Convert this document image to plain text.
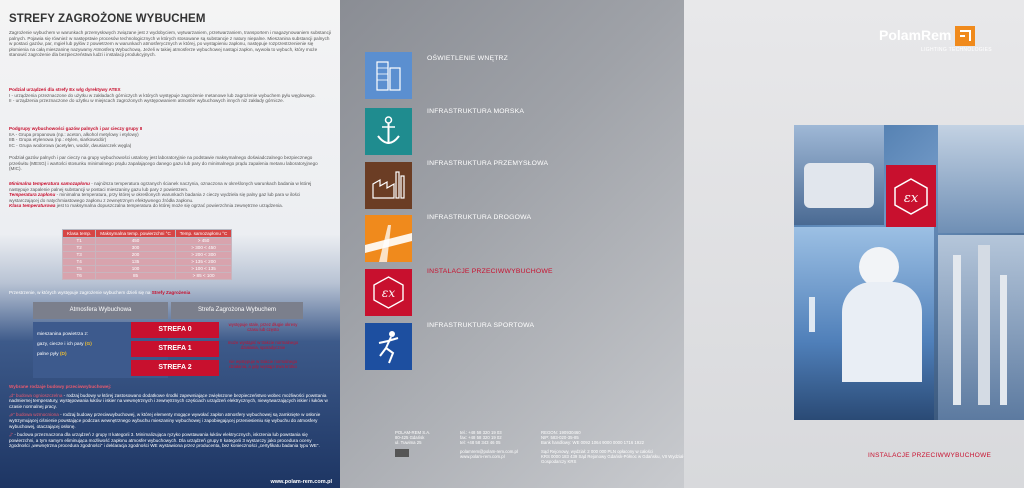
STREFY ZAGROŻONE WYBUCHEM
Zagrożenie wybuchem w warunkach przemysłowych związane jest z wydobyciem, wytwarzaniem, przetwarzaniem, transportem i magazynowaniem substancji palnych. Pojawia się również w następstwie procesów technologicznych w których stosowane są substancje z natury niepalne. Mieszanina substancji palnych w postaci gazów, par, mgieł lub pyłów z powietrzem w warunkach atmosferycznych w której, po wystąpieniu zapłonu, następuje rozprzestrzenienie się płomienia na całą mieszaninę nazywamy Atmosferą Wybuchową. Jeżeli w takiej atmosferze wybuchowej nastąpi zapłon, wywoła to wybuch, który może stanowić zagrożenie dla bezpieczeństwa ludzi i instalacji produkcyjnych.
Podział urządzeń dla strefy Ex w/g dyrektywy ATEX
I - urządzenia przeznaczone do użytku w zakładach górniczych w których występuje zagrożenie metanowe lub zagrożenie wybuchem pyłu węglowego.
II - urządzenia przeznaczone do użytku w miejscach zagrożonych występowaniem atmosfer wybuchowych innych niż zakłady górnicze.
Podgrupy wybuchowości gazów palnych i par cieczy grupy II
IIA - Grupa propanowa (np.: aceton, alkohol metylowy i etylowy)
IIB - Grupa etylenowa (np.: etylen, siarkowodór)
IIC - Grupa wodorowa (acetylen, wodór, dwusiarczek węgla)
Podział gazów palnych i par cieczy na grupy wybuchowości ustalony jest laboratoryjnie na podstawie maksymalnego doświadczalnego bezpiecznego prześwitu (MESG) i wartości stosunku minimalnego prądu zapalającego danego gazu lub pary do minimalnego prądu zapalenia metanu laboratoryjnego (MIC).
Minimalna temperatura samozapłonu - najniższa temperatura ogrzanych ścianek naczynia, oznaczona w określonych warunkach badania w której następuje zapalenie palnej substancji w postaci mieszaniny gazu lub pary z powietrzem.
Temperatura zapłonu - minimalna temperatura, przy której w określonych warunkach badania z cieczy wydziela się palny gaz lub para w ilości wystarczającej do natychmiastowego zapłonu z zewnętrznym efektywnego źródła zapłonu.
Klasa temperaturowa jest to maksymalna dopuszczalna temperatura do której może się ogrzać powierzchnia zewnętrzne urządzenia.
Klasa temp.	Maksymalna temp. powierzchni °C	Temp. samozapłonu °C
T1	450	> 450
T2	300	> 300 < 450
T3	200	> 200 < 300
T4	135	> 135 < 200
T5	100	> 100 < 135
T6	85	> 85 < 100
Przestrzenie, w których występuje zagrożenie wybuchem dzieli się na Strefy Zagrożenia
Atmosfera Wybuchowa	Strefa Zagrożona Wybuchem
mieszanina powietrza z:
gazy, ciecze i ich pary (G)
palne pyły (D)
STREFA 0
występuje stale, przez długie okresy czasu lub często
STREFA 1
może wystąpić w trakcie normalnego działania, sporadycznie
STREFA 2
nie występuje w trakcie normalnego działania, a gdy wystąpi trwa krótko
Wybrane rodzaje budowy przeciwwybuchowej:
„d” budowa ognioszczelna - rodzaj budowy w której zastosowano dodatkowe środki zapewniające zwiększone bezpieczeństwo wobec możliwości powstania nadmiernej temperatury, występowania łuków i iskier na wewnętrznych i zewnętrznych częściach urządzeń elektrycznych, niewytwarzających iskier i łuków w czasie normalnej pracy.
„e” budowa wzmocniona - rodzaj budowy przeciwwybuchowej, w której elementy mogące wywołać zapłon atmosfery wybuchowej są zamknięte w osłonie wytrzymującej ciśnienie powstające podczas wewnętrznego wybuchu mieszaniny wybuchowej i zapobiegającej przeniesieniu się wybuchu do atmosfery wybuchowej, otaczającej osłonę.
„i” - budowa przeznaczona dla urządzeń z grupy II kategorii 3. Minimalizująca ryzyko powstawania łuków elektrycznych, iskrzenia lub powstania się powierzchni, a tym samym eliminująca możliwość zapłonu atmosfer wybuchowych. Dla urządzeń grupy II kategorii 3 wystarczy jako procedura oceny zgodności „wewnętrzna procedura zgodności” i deklaracja zgodności WE wystawiona przez producenta, bez konieczności „certyfikatu badania typu WE”.
www.polam-rem.com.pl
OŚWIETLENIE WNĘTRZ
INFRASTRUKTURA MORSKA
INFRASTRUKTURA PRZEMYSŁOWA
INFRASTRUKTURA DROGOWA
εx
INSTALACJE PRZECIWWYBUCHOWE
INFRASTRUKTURA SPORTOWA
POLAM-REM S.A.
80-425 Gdańsk
ul. Tuwima 25
tel.: +48 58 320 19 03
fax: +48 58 320 19 02
tel: +48 58 343 46 05
REGON: 190930460
NIP: 583-020-35-85
Bank handlowy: WE 0092 1064 9000 0000 1716 1922
polamrem@polam-rem.com.pl
www.polam-rem.com.pl
Sąd Rejonowy, wydział: 2 000 000 PLN opłacony w całości
KRS 0000 183 439 Sąd Rejonowy Gdańsk-Północ w Gdańsku, VII Wydział Gospodarczy KRS
PolamRem
LIGHTING TECHNOLOGIES
εx
INSTALACJE PRZECIWWYBUCHOWE
